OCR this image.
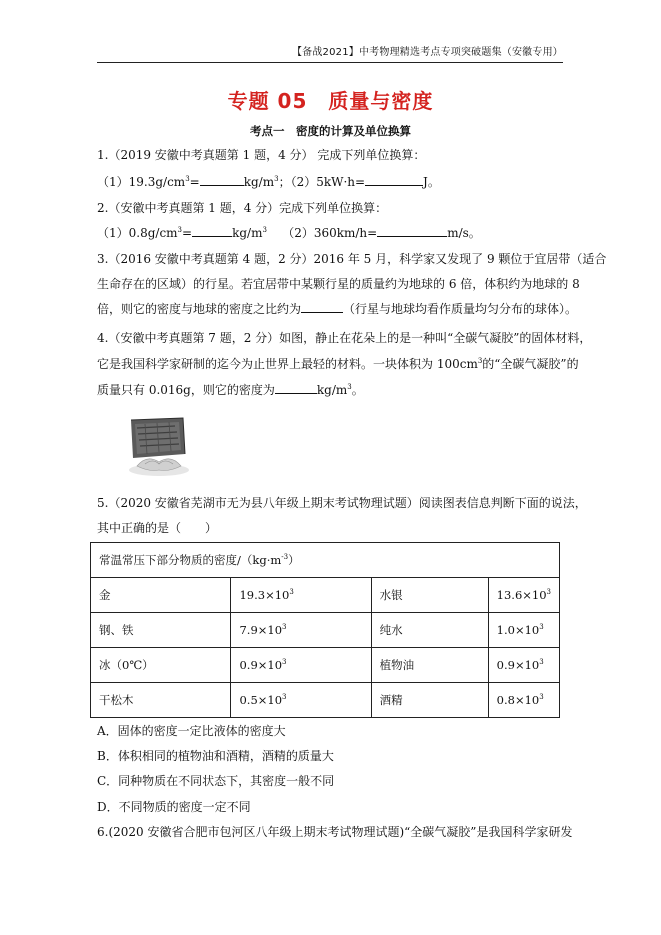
【备战2021】中考物理精选考点专项突破题集（安徽专用）
专题 05　质量与密度
考点一　密度的计算及单位换算
1.（2019 安徽中考真题第 1 题，4 分） 完成下列单位换算：
$(1)19.3g/cm^3=$	$kg/m^3$；（2）5kW·h=	J。
2.（安徽中考真题第 1 题，4 分）完成下列单位换算：
$(1)0.8g/cm^3=$	$kg/m^3$ （2）360km/h=	m/s。
3.（2016 安徽中考真题第 4 题，2 分）2016 年 5 月，科学家又发现了 9 颗位于宜居带（适合
生命存在的区域）的行星。若宜居带中某颗行星的质量约为地球的 6 倍，体积约为地球的 8
倍，则它的密度与地球的密度之比约为	（行星与地球均看作质量均匀分布的球体）。
4.（安徽中考真题第 7 题，2 分）如图，静止在花朵上的是一种叫“全碳气凝胶”的固体材料，
它是我国科学家研制的迄今为止世界上最轻的材料。一块体积为 $100cm^3$的“全碳气凝胶”的
质量只有 0.016g，则它的密度为	$kg/m^3$。
5.（2020 安徽省芜湖市无为县八年级上期末考试物理试题）阅读图表信息判断下面的说法，
其中正确的是（　　）
常温常压下部分物质的密度$/(kg\cdot m^{-3})$			
金	$19.3\times 10^3$	水银	$13.6\times 10^3$
钢、铁	$7.9\times 10^3$	纯水	$1.0\times 10^3$
冰（0℃）	$0.9\times 10^3$	植物油	$0.9\times 10^3$
干松木	$0.5\times 10^3$	酒精	$0.8\times 10^3$
A．固体的密度一定比液体的密度大
B．体积相同的植物油和酒精，酒精的质量大
C．同种物质在不同状态下，其密度一般不同
D．不同物质的密度一定不同
6.(2020 安徽省合肥市包河区八年级上期末考试物理试题)“全碳气凝胶”是我国科学家研发
